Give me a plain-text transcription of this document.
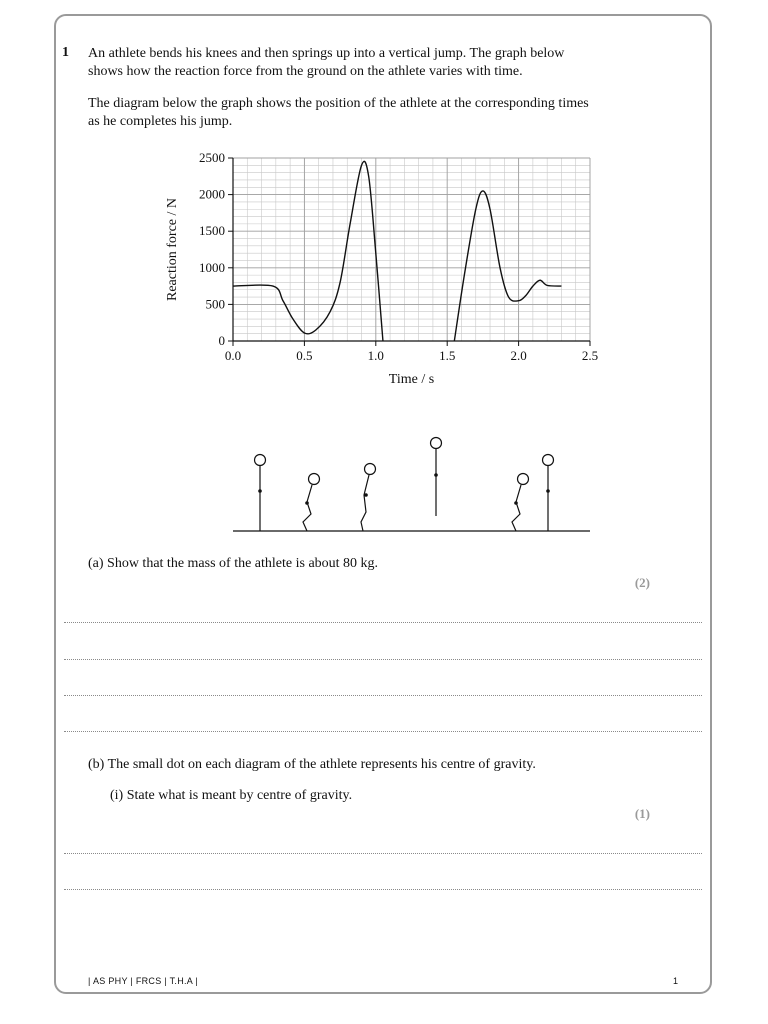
1 An athlete bends his knees and then springs up into a vertical jump. The graph below
shows how the reaction force from the ground on the athlete varies with time.
The diagram below the graph shows the position of the athlete at the corresponding times
as he completes his jump.
0.0	0.5	1.0	1.5	2.0	2.5
0
500
1000
1500
2000
2500
Time / s
Reaction force / N
(a) Show that the mass of the athlete is about 80 kg.
(2)
(b) The small dot on each diagram of the athlete represents his centre of gravity.
(i) State what is meant by centre of gravity.
(1)
| AS PHY | FRCS | T.H.A |	1
